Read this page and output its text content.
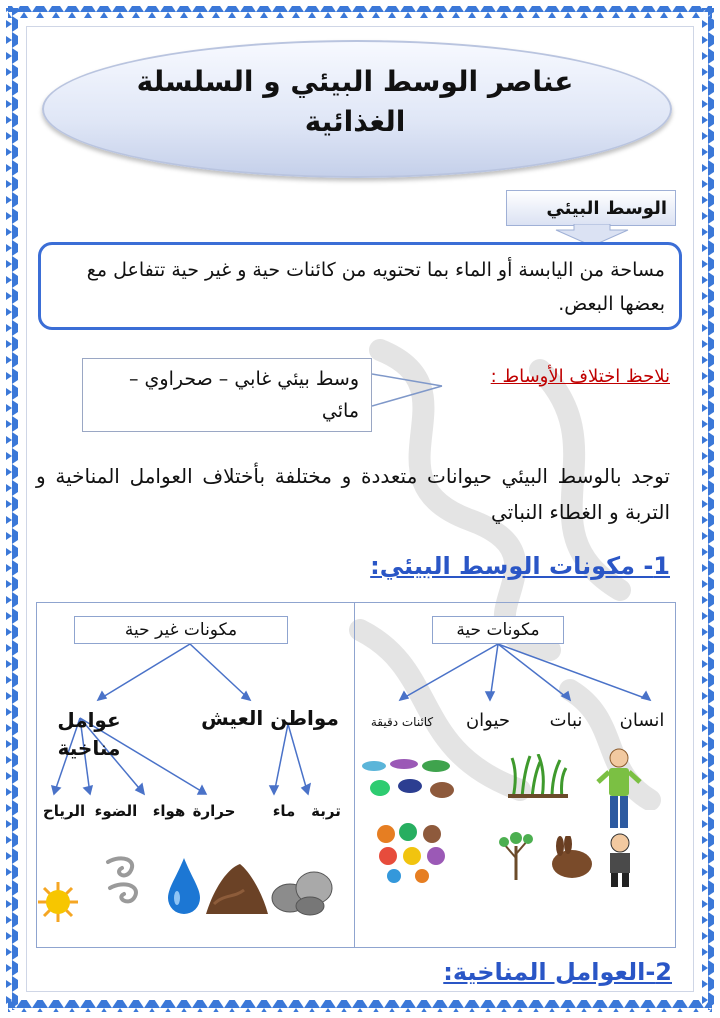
عناصر الوسط البيئي و السلسلة الغذائية
الوسط البيئي
مساحة من اليابسة أو الماء بما تحتويه من كائنات حية و غير حية تتفاعل مع بعضها البعض.
نلاحظ اختلاف الأوساط :
وسط بيئي غابي – صحراوي – مائي
توجد بالوسط البيئي حيوانات متعددة و مختلفة بأختلاف العوامل المناخية و التربة و الغطاء النباتي
1- مكونات الوسط البيئي:
مكونات حية
انسان
نبات
حيوان
كائنات دقيقة
مكونات غير حية
مواطن العيش
عوامل مناخية
تربة
ماء
حرارة
هواء
الضوء
الرياح
2-العوامل المناخية:
